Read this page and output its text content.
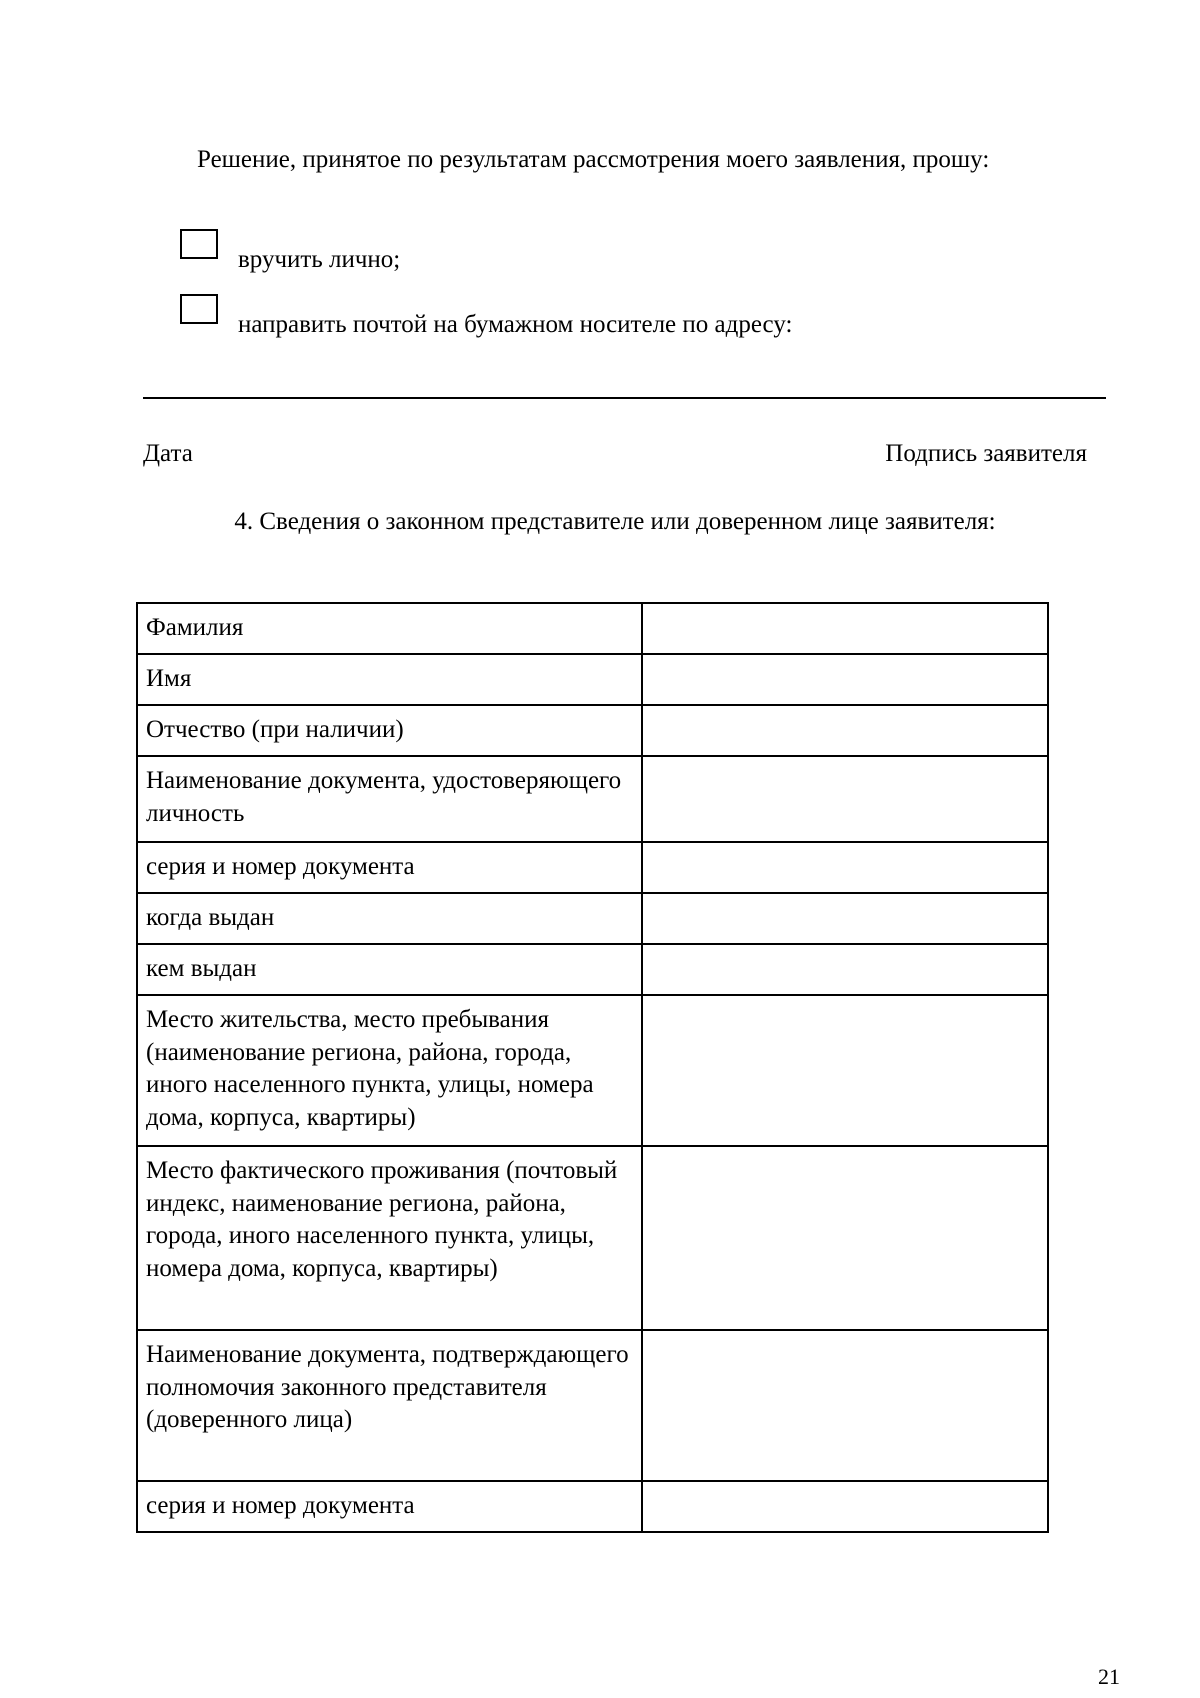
Решение, принятое по результатам рассмотрения моего заявления, прошу:
вручить лично;
направить почтой на бумажном носителе по адресу:
Дата	Подпись заявителя
4. Сведения о законном представителе или доверенном лице заявителя:
Фамилия	
Имя	
Отчество (при наличии)	
Наименование документа, удостоверяющего личность	
серия и номер документа	
когда выдан	
кем выдан	
Место жительства, место пребывания (наименование региона, района, города, иного населенного пункта, улицы, номера дома, корпуса, квартиры)	
Место фактического проживания (почтовый индекс, наименование региона, района, города, иного населенного пункта, улицы, номера дома, корпуса, квартиры)	
Наименование документа, подтверждающего полномочия законного представителя (доверенного лица)	
серия и номер документа	
21
